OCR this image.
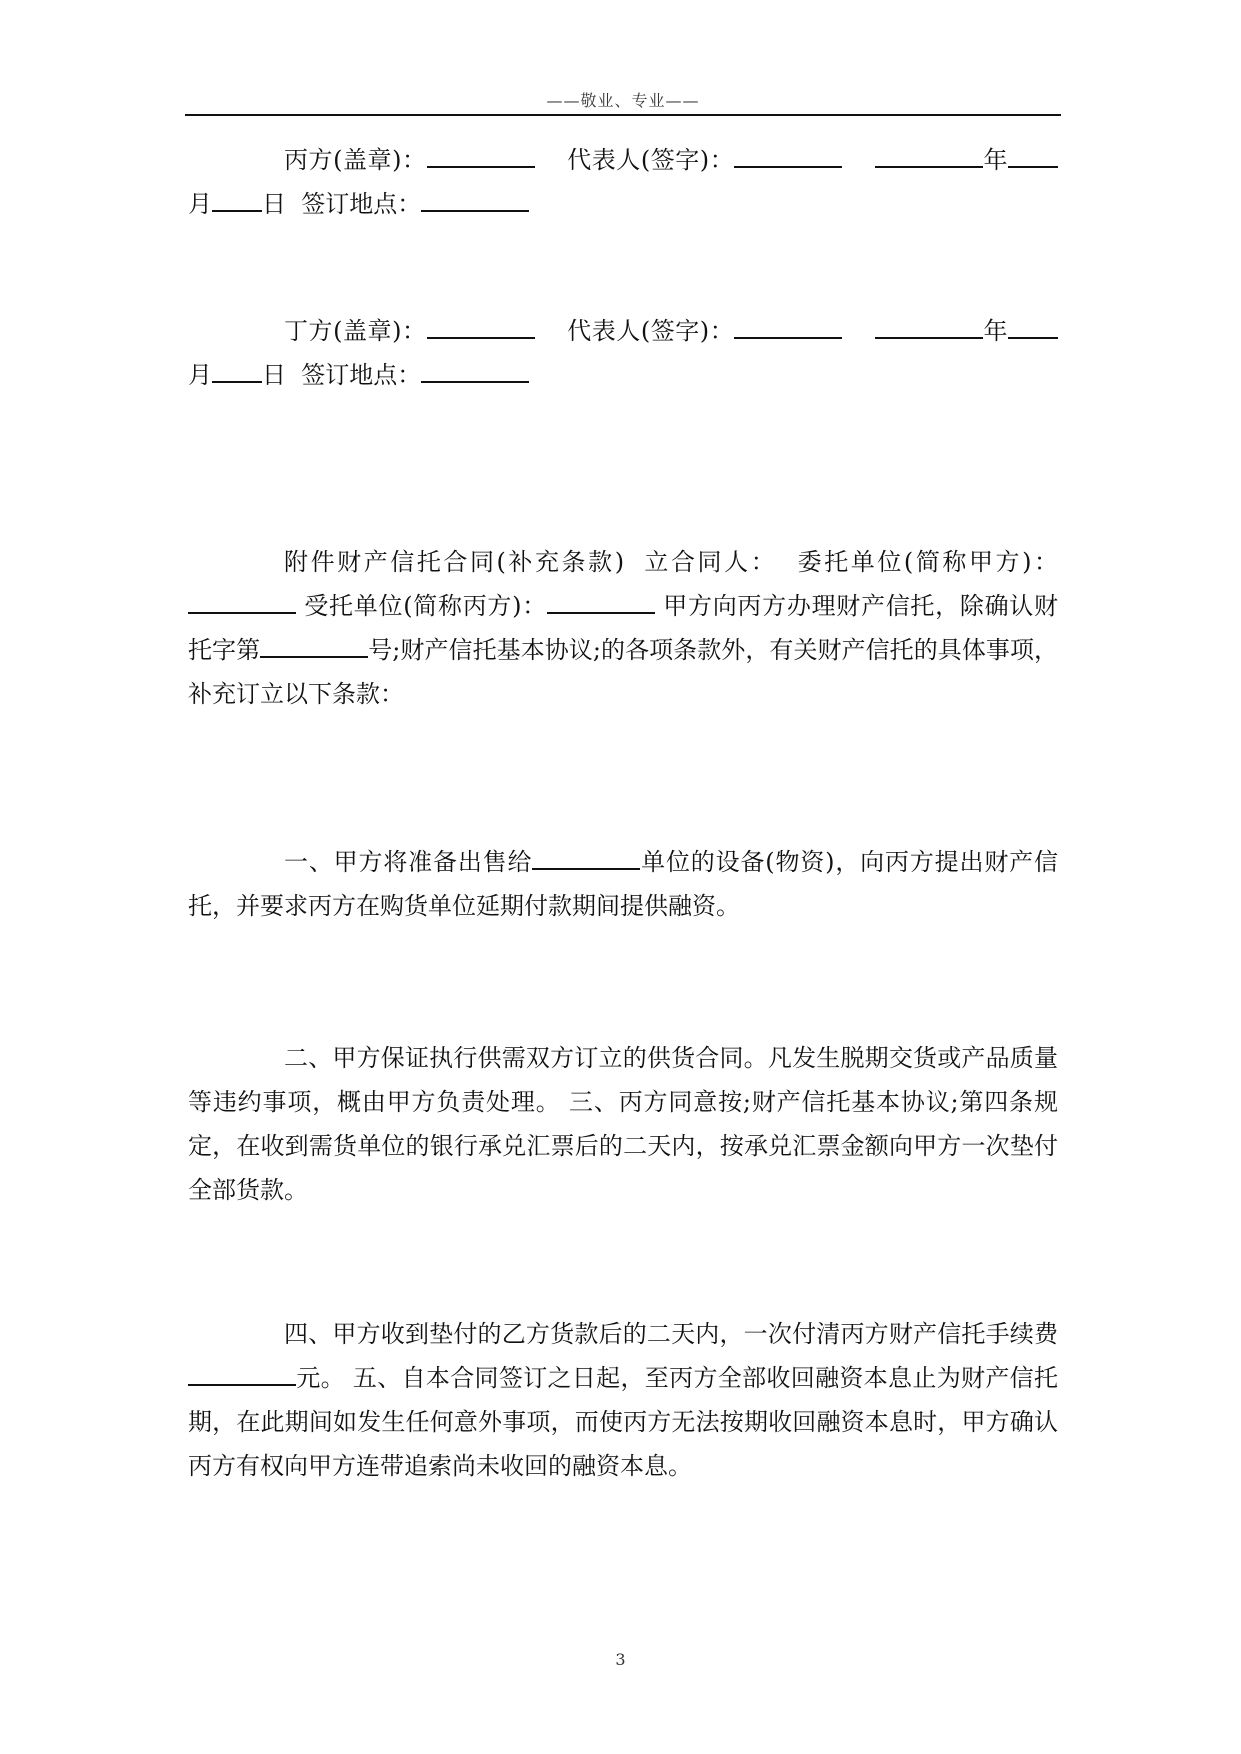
——敬业、专业——

丙方(盖章)：	代表人(签字)：	年月 日 签订地点：

丁方(盖章)：	代表人(签字)：	年月 日 签订地点：

附件财产信托合同(补充条款)  立合同人：  委托单位(简称甲方)： 受托单位(简称丙方)：	甲方向丙方办理财产信托，除确认财托字第	号;财产信托基本协议;的各项条款外，有关财产信托的具体事项，补充订立以下条款：

一、甲方将准备出售给	单位的设备(物资)，向丙方提出财产信托，并要求丙方在购货单位延期付款期间提供融资。

二、甲方保证执行供需双方订立的供货合同。凡发生脱期交货或产品质量等违约事项，概由甲方负责处理。 三、丙方同意按;财产信托基本协议;第四条规定，在收到需货单位的银行承兑汇票后的二天内，按承兑汇票金额向甲方一次垫付全部货款。

四、甲方收到垫付的乙方货款后的二天内，一次付清丙方财产信托手续费元。 五、自本合同签订之日起，至丙方全部收回融资本息止为财产信托期，在此期间如发生任何意外事项，而使丙方无法按期收回融资本息时，甲方确认丙方有权向甲方连带追索尚未收回的融资本息。

3
